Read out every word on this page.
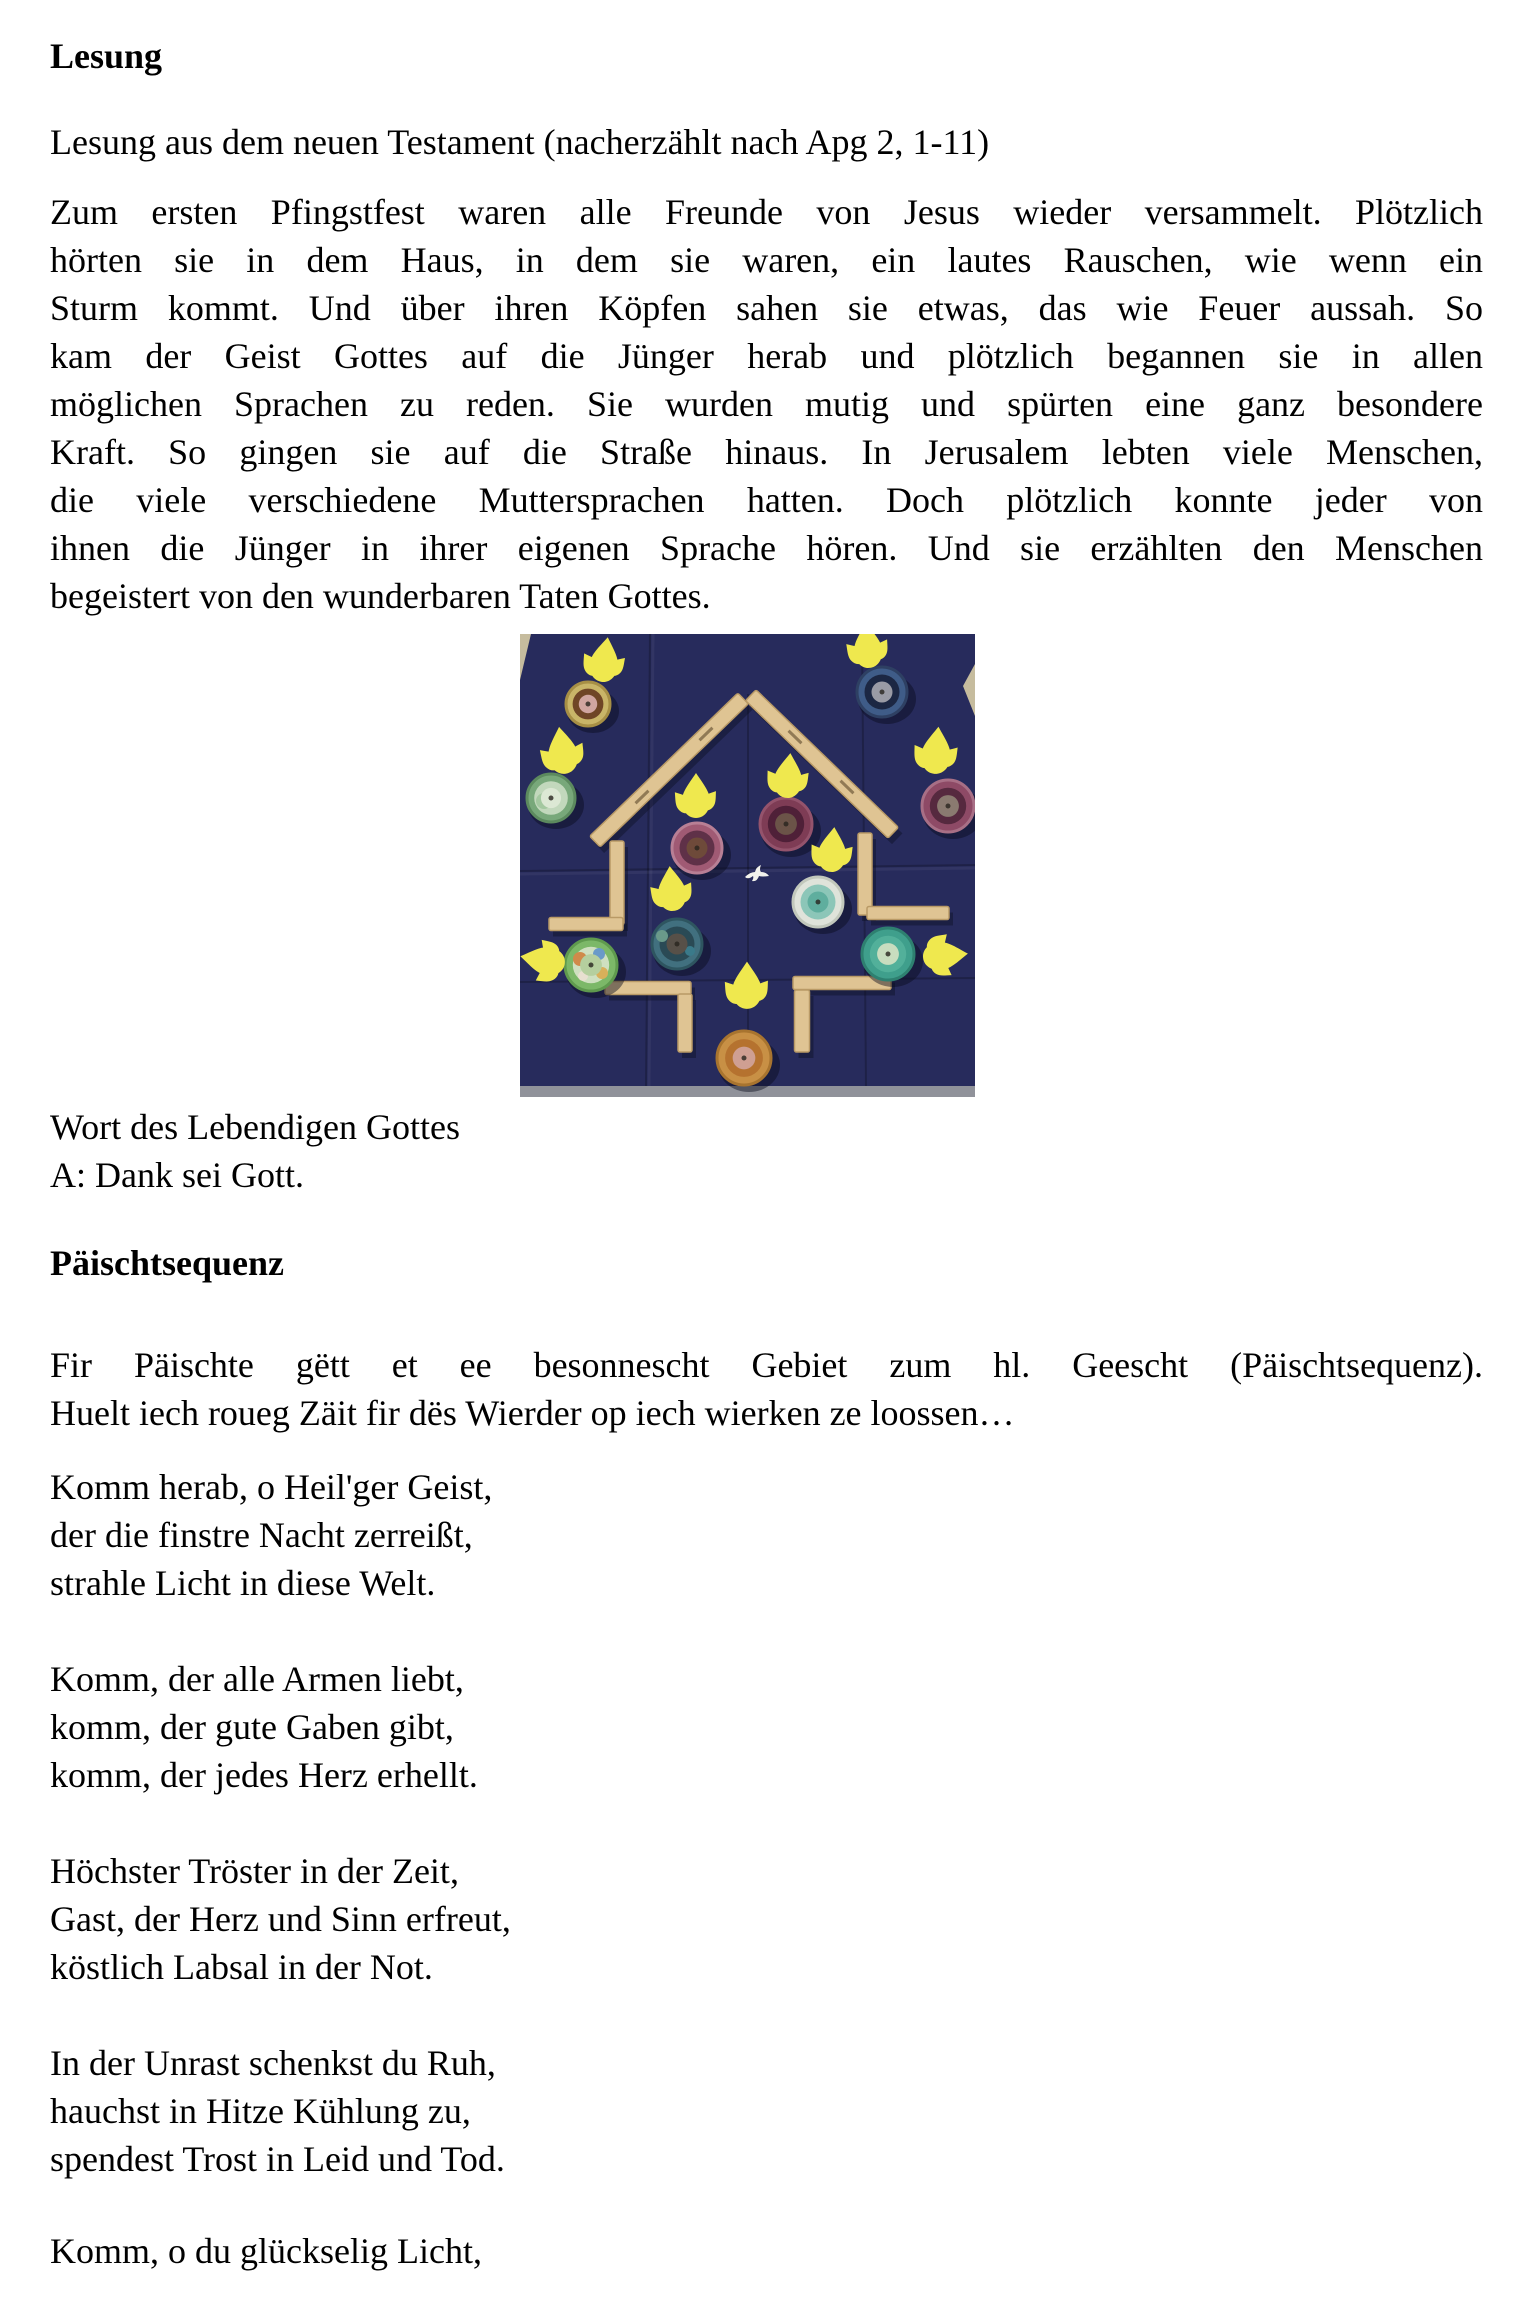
Lesung

Lesung aus dem neuen Testament (nacherzählt nach Apg 2, 1-11)

Zum ersten Pfingstfest waren alle Freunde von Jesus wieder versammelt. Plötzlich
hörten sie in dem Haus, in dem sie waren, ein lautes Rauschen, wie wenn ein
Sturm kommt. Und über ihren Köpfen sahen sie etwas, das wie Feuer aussah. So
kam der Geist Gottes auf die Jünger herab und plötzlich begannen sie in allen
möglichen Sprachen zu reden. Sie wurden mutig und spürten eine ganz besondere
Kraft. So gingen sie auf die Straße hinaus. In Jerusalem lebten viele Menschen,
die viele verschiedene Muttersprachen hatten. Doch plötzlich konnte jeder von
ihnen die Jünger in ihrer eigenen Sprache hören. Und sie erzählten den Menschen
begeistert von den wunderbaren Taten Gottes.
Wort des Lebendigen Gottes
A: Dank sei Gott.

Päischtsequenz

Fir Päischte gëtt et ee besonnescht Gebiet zum hl. Geescht (Päischtsequenz).
Huelt iech roueg Zäit fir dës Wierder op iech wierken ze loossen…
Komm herab, o Heil'ger Geist,
der die finstre Nacht zerreißt,
strahle Licht in diese Welt.
Komm, der alle Armen liebt,
komm, der gute Gaben gibt,
komm, der jedes Herz erhellt.
Höchster Tröster in der Zeit,
Gast, der Herz und Sinn erfreut,
köstlich Labsal in der Not.
In der Unrast schenkst du Ruh,
hauchst in Hitze Kühlung zu,
spendest Trost in Leid und Tod.
Komm, o du glückselig Licht,
